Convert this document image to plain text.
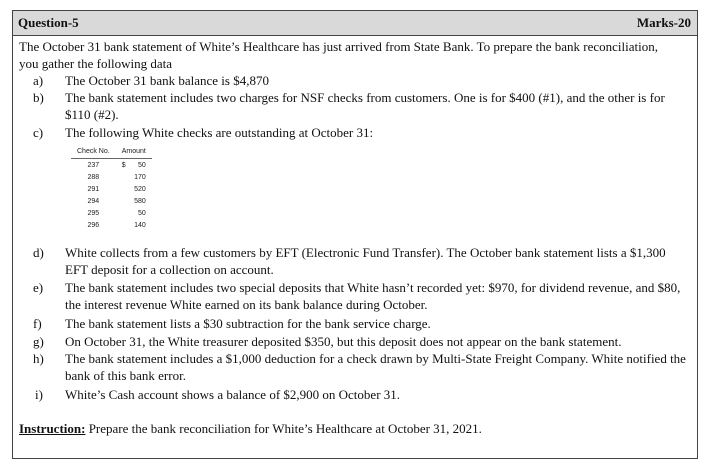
Question-5	Marks-20
The October 31 bank statement of White’s Healthcare has just arrived from State Bank. To prepare the bank reconciliation,
you gather the following data
a)	The October 31 bank balance is $4,870
b)	The bank statement includes two charges for NSF checks from customers. One is for $400 (#1), and the other is for $110 (#2).
c)	The following White checks are outstanding at October 31:
Check No.	Amount
237	$ 50
288	170
291	520
294	580
295	50
296	140
d)	White collects from a few customers by EFT (Electronic Fund Transfer). The October bank statement lists a $1,300 EFT deposit for a collection on account.
e)	The bank statement includes two special deposits that White hasn’t recorded yet: $970, for dividend revenue, and $80, the interest revenue White earned on its bank balance during October.
f)	The bank statement lists a $30 subtraction for the bank service charge.
g)	On October 31, the White treasurer deposited $350, but this deposit does not appear on the bank statement.
h)	The bank statement includes a $1,000 deduction for a check drawn by Multi-State Freight Company. White notified the bank of this bank error.
i)	White’s Cash account shows a balance of $2,900 on October 31.
Instruction: Prepare the bank reconciliation for White’s Healthcare at October 31, 2021.
